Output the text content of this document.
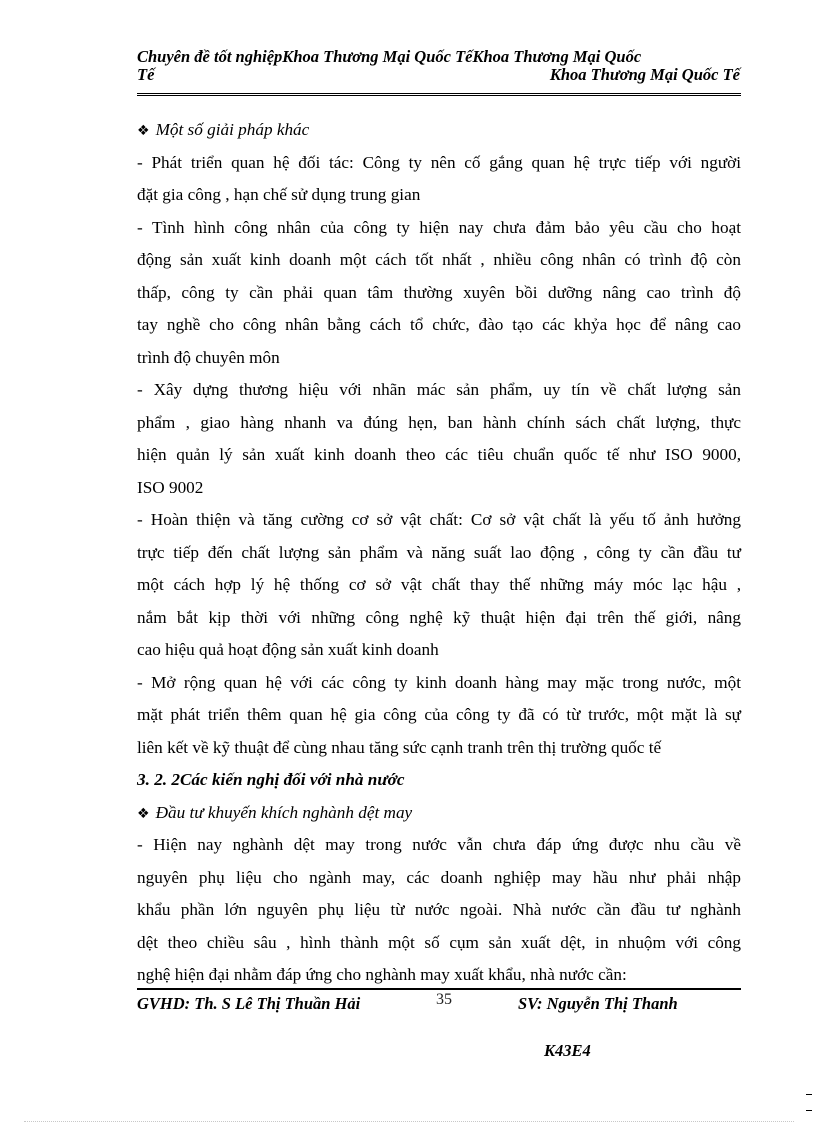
Chuyên đề tốt nghiệpKhoa Thương Mại Quốc TếKhoa Thương Mại Quốc
Tế	Khoa Thương Mại Quốc Tế
❖ Một số giải pháp khác
- Phát triển quan hệ đối tác: Công ty nên cố gắng quan hệ trực tiếp với người
đặt gia công , hạn chế sử dụng trung gian
- Tình hình công nhân của công ty hiện nay chưa đảm bảo yêu cầu cho hoạt
động sản xuất kinh doanh một cách tốt nhất , nhiều công nhân có trình độ còn
thấp, công ty cần phải quan tâm thường xuyên bồi dưỡng nâng cao trình độ
tay nghề cho công nhân bằng cách tổ chức, đào tạo các khỷa học để nâng cao
trình độ chuyên môn
- Xây dựng thương hiệu với nhãn mác sản phẩm, uy tín về chất lượng sản
phẩm , giao hàng nhanh va đúng hẹn, ban hành chính sách chất lượng, thực
hiện quản lý sản xuất kinh doanh theo các tiêu chuẩn quốc tế như ISO 9000,
ISO 9002
- Hoàn thiện và tăng cường cơ sở vật chất: Cơ sở vật chất là yếu tố ảnh hưởng
trực tiếp đến chất lượng sản phẩm và năng suất lao động , công ty cần đầu tư
một cách hợp lý hệ thống cơ sở vật chất thay thế những máy móc lạc hậu ,
nắm bắt kịp thời với những công nghệ kỹ thuật hiện đại trên thế giới, nâng
cao hiệu quả hoạt động sản xuất kinh doanh
- Mở rộng quan hệ với các công ty kinh doanh hàng may mặc trong nước, một
mặt phát triển thêm quan hệ gia công của công ty đã có từ trước, một mặt là sự
liên kết về kỹ thuật để cùng nhau tăng sức cạnh tranh trên thị trường quốc tế
3. 2. 2Các kiến nghị đối với nhà nước
❖ Đầu tư khuyến khích nghành dệt may
- Hiện nay nghành dệt may trong nước vẫn chưa đáp ứng được nhu cầu về
nguyên phụ liệu cho ngành may, các doanh nghiệp may hầu như phải nhập
khẩu phần lớn nguyên phụ liệu từ nước ngoài. Nhà nước cần đầu tư nghành
dệt theo chiều sâu , hình thành một số cụm sản xuất dệt, in nhuộm với công
nghệ hiện đại nhằm đáp ứng cho nghành may xuất khẩu, nhà nước cần:
GVHD: Th. S Lê Thị Thuần Hải	35	SV: Nguyễn Thị Thanh
K43E4
